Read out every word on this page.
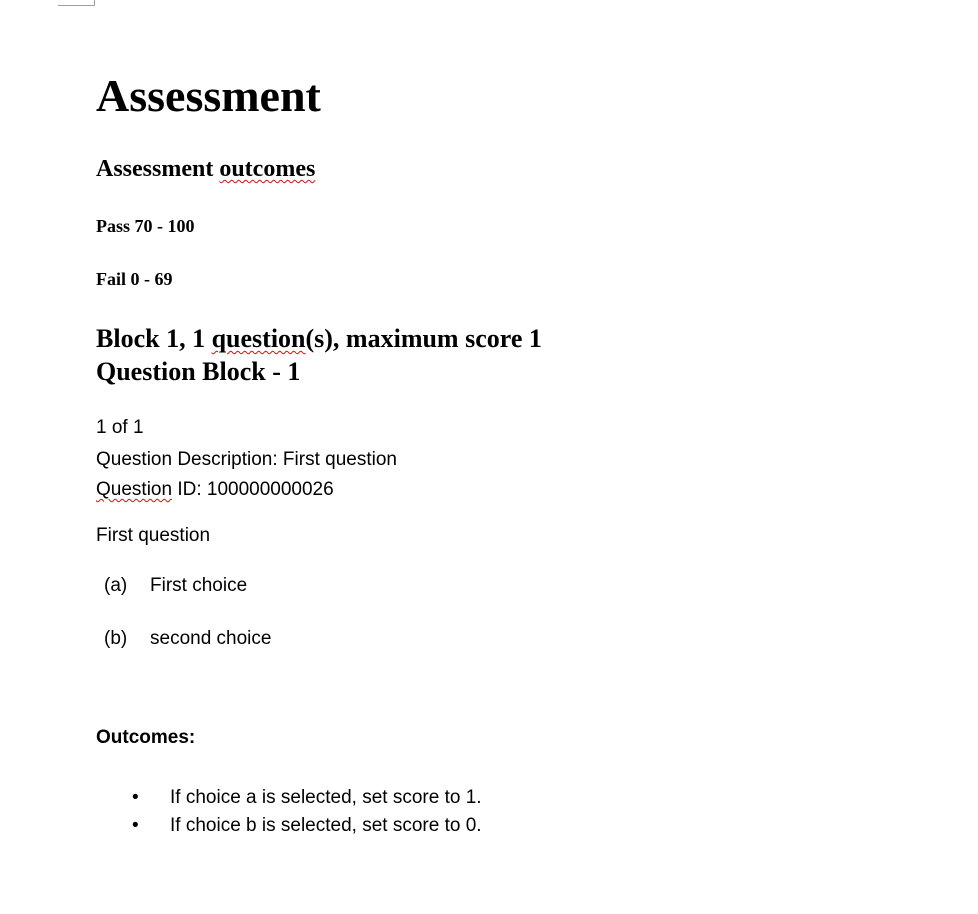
Assessment
Assessment outcomes
Pass 70 - 100
Fail 0 - 69
Block 1, 1 question(s), maximum score 1
Question Block - 1
1 of 1
Question Description: First question
Question ID: 100000000026
First question
(a) First choice
(b) second choice
Outcomes:
• If choice a is selected, set score to 1.
• If choice b is selected, set score to 0.
